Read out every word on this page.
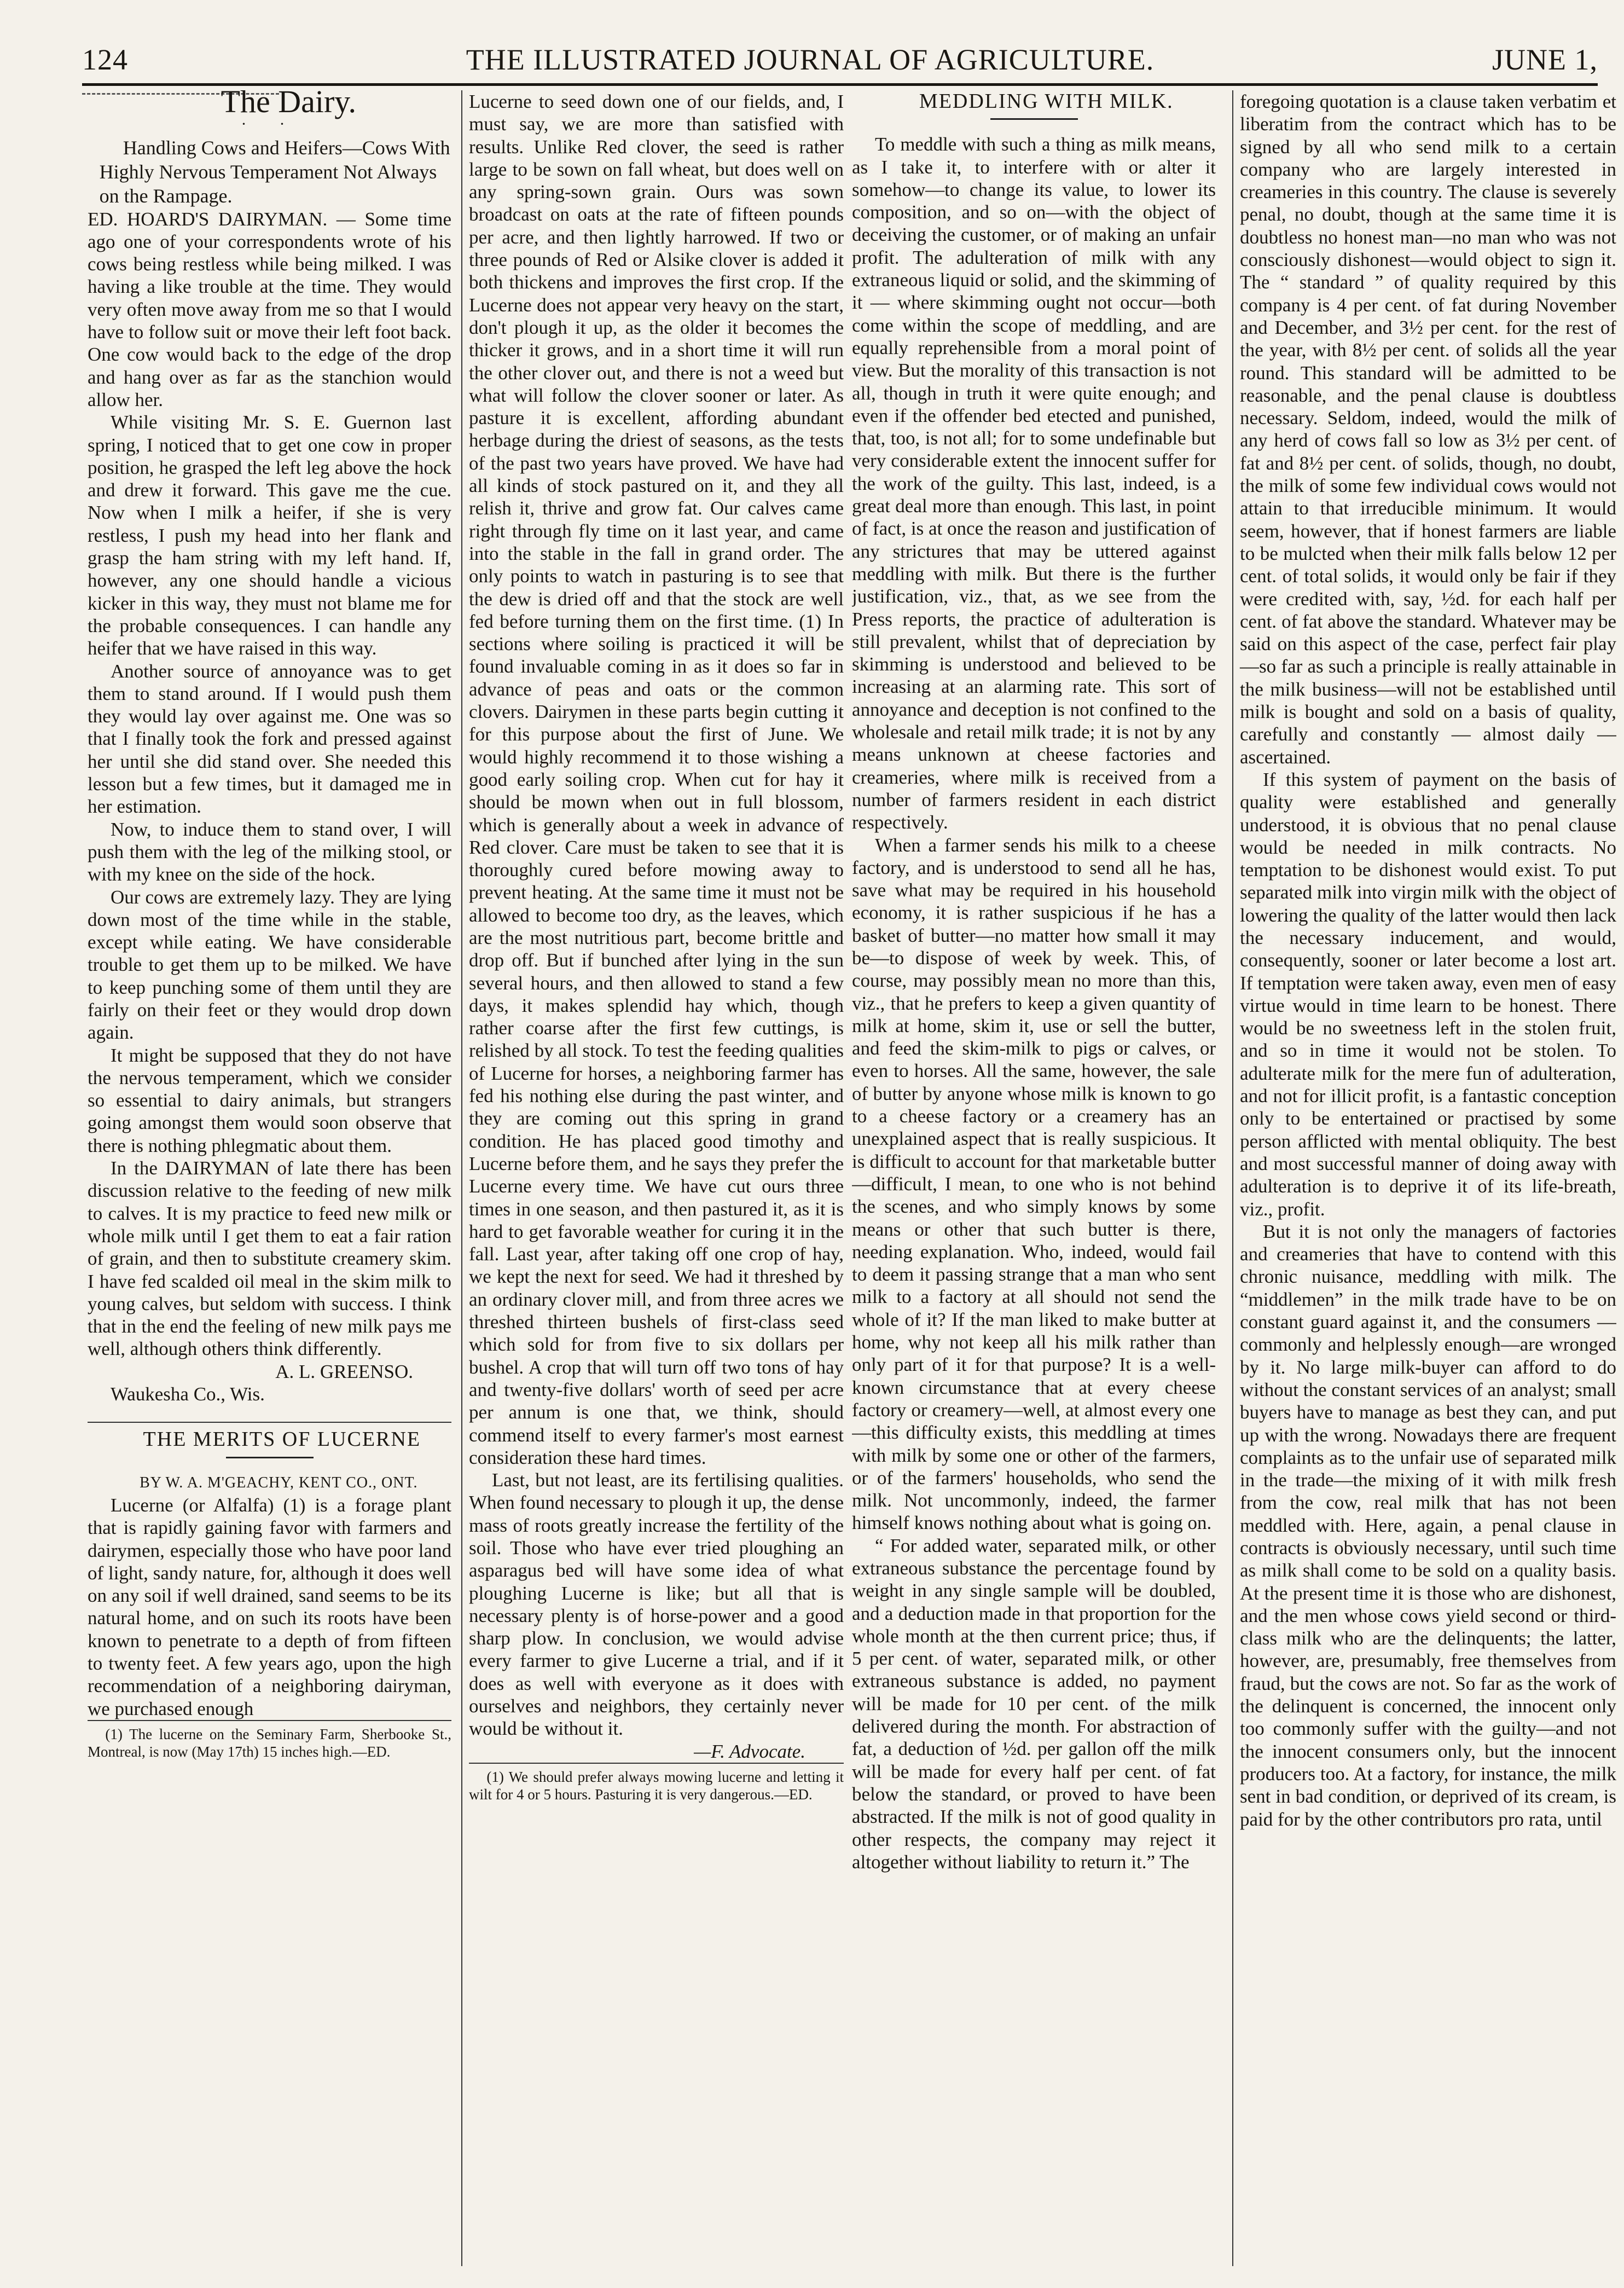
124	THE ILLUSTRATED JOURNAL OF AGRICULTURE.	JUNE 1,

The Dairy.

··

Handling Cows and Heifers—Cows With Highly Nervous Temperament Not Always on the Rampage.

ED. HOARD'S DAIRYMAN. — Some time ago one of your correspondents wrote of his cows being restless while being milked. I was having a like trouble at the time. They would very often move away from me so that I would have to follow suit or move their left foot back. One cow would back to the edge of the drop and hang over as far as the stanchion would allow her.

While visiting Mr. S. E. Guernon last spring, I noticed that to get one cow in proper position, he grasped the left leg above the hock and drew it forward. This gave me the cue. Now when I milk a heifer, if she is very restless, I push my head into her flank and grasp the ham string with my left hand. If, however, any one should handle a vicious kicker in this way, they must not blame me for the probable consequences. I can handle any heifer that we have raised in this way.

Another source of annoyance was to get them to stand around. If I would push them they would lay over against me. One was so that I finally took the fork and pressed against her until she did stand over. She needed this lesson but a few times, but it damaged me in her estimation.

Now, to induce them to stand over, I will push them with the leg of the milking stool, or with my knee on the side of the hock.

Our cows are extremely lazy. They are lying down most of the time while in the stable, except while eating. We have considerable trouble to get them up to be milked. We have to keep punching some of them until they are fairly on their feet or they would drop down again.

It might be supposed that they do not have the nervous temperament, which we consider so essential to dairy animals, but strangers going amongst them would soon observe that there is nothing phlegmatic about them.

In the DAIRYMAN of late there has been discussion relative to the feeding of new milk to calves. It is my practice to feed new milk or whole milk until I get them to eat a fair ration of grain, and then to substitute creamery skim. I have fed scalded oil meal in the skim milk to young calves, but seldom with success. I think that in the end the feeling of new milk pays me well, although others think differently.

A. L. GREENSO.

Waukesha Co., Wis.

THE MERITS OF LUCERNE

BY W. A. M'GEACHY, KENT CO., ONT.

Lucerne (or Alfalfa) (1) is a forage plant that is rapidly gaining favor with farmers and dairymen, especially those who have poor land of light, sandy nature, for, although it does well on any soil if well drained, sand seems to be its natural home, and on such its roots have been known to penetrate to a depth of from fifteen to twenty feet. A few years ago, upon the high recommendation of a neighboring dairyman, we purchased enough

(1) The lucerne on the Seminary Farm, Sherbooke St., Montreal, is now (May 17th) 15 inches high.—ED.

Lucerne to seed down one of our fields, and, I must say, we are more than satisfied with results. Unlike Red clover, the seed is rather large to be sown on fall wheat, but does well on any spring-sown grain. Ours was sown broadcast on oats at the rate of fifteen pounds per acre, and then lightly harrowed. If two or three pounds of Red or Alsike clover is added it both thickens and improves the first crop. If the Lucerne does not appear very heavy on the start, don't plough it up, as the older it becomes the thicker it grows, and in a short time it will run the other clover out, and there is not a weed but what will follow the clover sooner or later. As pasture it is excellent, affording abundant herbage during the driest of seasons, as the tests of the past two years have proved. We have had all kinds of stock pastured on it, and they all relish it, thrive and grow fat. Our calves came right through fly time on it last year, and came into the stable in the fall in grand order. The only points to watch in pasturing is to see that the dew is dried off and that the stock are well fed before turning them on the first time. (1) In sections where soiling is practiced it will be found invaluable coming in as it does so far in advance of peas and oats or the common clovers. Dairymen in these parts begin cutting it for this purpose about the first of June. We would highly recommend it to those wishing a good early soiling crop. When cut for hay it should be mown when out in full blossom, which is generally about a week in advance of Red clover. Care must be taken to see that it is thoroughly cured before mowing away to prevent heating. At the same time it must not be allowed to become too dry, as the leaves, which are the most nutritious part, become brittle and drop off. But if bunched after lying in the sun several hours, and then allowed to stand a few days, it makes splendid hay which, though rather coarse after the first few cuttings, is relished by all stock. To test the feeding qualities of Lucerne for horses, a neighboring farmer has fed his nothing else during the past winter, and they are coming out this spring in grand condition. He has placed good timothy and Lucerne before them, and he says they prefer the Lucerne every time. We have cut ours three times in one season, and then pastured it, as it is hard to get favorable weather for curing it in the fall. Last year, after taking off one crop of hay, we kept the next for seed. We had it threshed by an ordinary clover mill, and from three acres we threshed thirteen bushels of first-class seed which sold for from five to six dollars per bushel. A crop that will turn off two tons of hay and twenty-five dollars' worth of seed per acre per annum is one that, we think, should commend itself to every farmer's most earnest consideration these hard times.

Last, but not least, are its fertilising qualities. When found necessary to plough it up, the dense mass of roots greatly increase the fertility of the soil. Those who have ever tried ploughing an asparagus bed will have some idea of what ploughing Lucerne is like; but all that is necessary plenty is of horse-power and a good sharp plow. In conclusion, we would advise every farmer to give Lucerne a trial, and if it does as well with everyone as it does with ourselves and neighbors, they certainly never would be without it.

—F. Advocate.

(1) We should prefer always mowing lucerne and letting it wilt for 4 or 5 hours. Pasturing it is very dangerous.—ED.

MEDDLING WITH MILK.

To meddle with such a thing as milk means, as I take it, to interfere with or alter it somehow—to change its value, to lower its composition, and so on—with the object of deceiving the customer, or of making an unfair profit. The adulteration of milk with any extraneous liquid or solid, and the skimming of it — where skimming ought not occur—both come within the scope of meddling, and are equally reprehensible from a moral point of view. But the morality of this transaction is not all, though in truth it were quite enough; and even if the offender bed etected and punished, that, too, is not all; for to some undefinable but very considerable extent the innocent suffer for the work of the guilty. This last, indeed, is a great deal more than enough. This last, in point of fact, is at once the reason and justification of any strictures that may be uttered against meddling with milk. But there is the further justification, viz., that, as we see from the Press reports, the practice of adulteration is still prevalent, whilst that of depreciation by skimming is understood and believed to be increasing at an alarming rate. This sort of annoyance and deception is not confined to the wholesale and retail milk trade; it is not by any means unknown at cheese factories and creameries, where milk is received from a number of farmers resident in each district respectively.

When a farmer sends his milk to a cheese factory, and is understood to send all he has, save what may be required in his household economy, it is rather suspicious if he has a basket of butter—no matter how small it may be—to dispose of week by week. This, of course, may possibly mean no more than this, viz., that he prefers to keep a given quantity of milk at home, skim it, use or sell the butter, and feed the skim-milk to pigs or calves, or even to horses. All the same, however, the sale of butter by anyone whose milk is known to go to a cheese factory or a creamery has an unexplained aspect that is really suspicious. It is difficult to account for that marketable butter—difficult, I mean, to one who is not behind the scenes, and who simply knows by some means or other that such butter is there, needing explanation. Who, indeed, would fail to deem it passing strange that a man who sent milk to a factory at all should not send the whole of it? If the man liked to make butter at home, why not keep all his milk rather than only part of it for that purpose? It is a well-known circumstance that at every cheese factory or creamery—well, at almost every one—this difficulty exists, this meddling at times with milk by some one or other of the farmers, or of the farmers' households, who send the milk. Not uncommonly, indeed, the farmer himself knows nothing about what is going on.

“ For added water, separated milk, or other extraneous substance the percentage found by weight in any single sample will be doubled, and a deduction made in that proportion for the whole month at the then current price; thus, if 5 per cent. of water, separated milk, or other extraneous substance is added, no payment will be made for 10 per cent. of the milk delivered during the month. For abstraction of fat, a deduction of ½d. per gallon off the milk will be made for every half per cent. of fat below the standard, or proved to have been abstracted. If the milk is not of good quality in other respects, the company may reject it altogether without liability to return it.” The

foregoing quotation is a clause taken verbatim et liberatim from the contract which has to be signed by all who send milk to a certain company who are largely interested in creameries in this country. The clause is severely penal, no doubt, though at the same time it is doubtless no honest man—no man who was not consciously dishonest—would object to sign it. The “ standard ” of quality required by this company is 4 per cent. of fat during November and December, and 3½ per cent. for the rest of the year, with 8½ per cent. of solids all the year round. This standard will be admitted to be reasonable, and the penal clause is doubtless necessary. Seldom, indeed, would the milk of any herd of cows fall so low as 3½ per cent. of fat and 8½ per cent. of solids, though, no doubt, the milk of some few individual cows would not attain to that irreducible minimum. It would seem, however, that if honest farmers are liable to be mulcted when their milk falls below 12 per cent. of total solids, it would only be fair if they were credited with, say, ½d. for each half per cent. of fat above the standard. Whatever may be said on this aspect of the case, perfect fair play—so far as such a principle is really attainable in the milk business—will not be established until milk is bought and sold on a basis of quality, carefully and constantly — almost daily — ascertained.

If this system of payment on the basis of quality were established and generally understood, it is obvious that no penal clause would be needed in milk contracts. No temptation to be dishonest would exist. To put separated milk into virgin milk with the object of lowering the quality of the latter would then lack the necessary inducement, and would, consequently, sooner or later become a lost art. If temptation were taken away, even men of easy virtue would in time learn to be honest. There would be no sweetness left in the stolen fruit, and so in time it would not be stolen. To adulterate milk for the mere fun of adulteration, and not for illicit profit, is a fantastic conception only to be entertained or practised by some person afflicted with mental obliquity. The best and most successful manner of doing away with adulteration is to deprive it of its life-breath, viz., profit.

But it is not only the managers of factories and creameries that have to contend with this chronic nuisance, meddling with milk. The “middlemen” in the milk trade have to be on constant guard against it, and the consumers — commonly and helplessly enough—are wronged by it. No large milk-buyer can afford to do without the constant services of an analyst; small buyers have to manage as best they can, and put up with the wrong. Nowadays there are frequent complaints as to the unfair use of separated milk in the trade—the mixing of it with milk fresh from the cow, real milk that has not been meddled with. Here, again, a penal clause in contracts is obviously necessary, until such time as milk shall come to be sold on a quality basis. At the present time it is those who are dishonest, and the men whose cows yield second or third-class milk who are the delinquents; the latter, however, are, presumably, free themselves from fraud, but the cows are not. So far as the work of the delinquent is concerned, the innocent only too commonly suffer with the guilty—and not the innocent consumers only, but the innocent producers too. At a factory, for instance, the milk sent in bad condition, or deprived of its cream, is paid for by the other contributors pro rata, until
